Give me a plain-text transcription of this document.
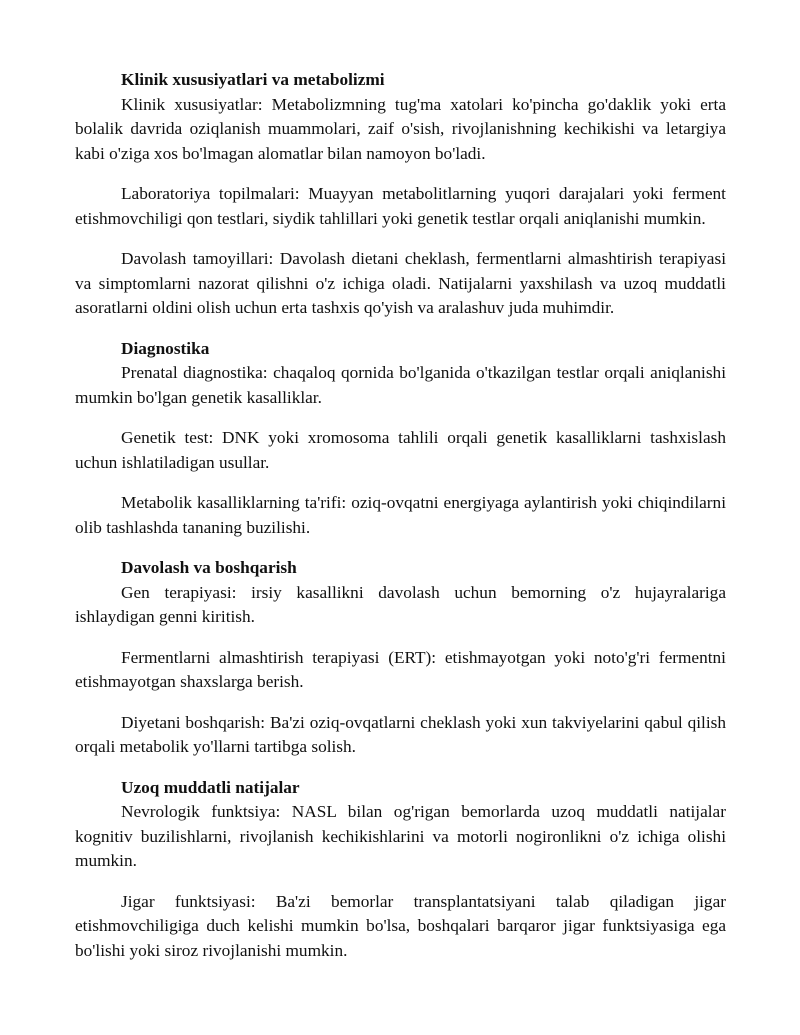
Klinik xususiyatlari va metabolizmi

Klinik xususiyatlar: Metabolizmning tug'ma xatolari ko'pincha go'daklik yoki erta bolalik davrida oziqlanish muammolari, zaif o'sish, rivojlanishning kechikishi va letargiya kabi o'ziga xos bo'lmagan alomatlar bilan namoyon bo'ladi.

Laboratoriya topilmalari: Muayyan metabolitlarning yuqori darajalari yoki ferment etishmovchiligi qon testlari, siydik tahlillari yoki genetik testlar orqali aniqlanishi mumkin.

Davolash tamoyillari: Davolash dietani cheklash, fermentlarni almashtirish terapiyasi va simptomlarni nazorat qilishni o'z ichiga oladi. Natijalarni yaxshilash va uzoq muddatli asoratlarni oldini olish uchun erta tashxis qo'yish va aralashuv juda muhimdir.

Diagnostika

Prenatal diagnostika: chaqaloq qornida bo'lganida o'tkazilgan testlar orqali aniqlanishi mumkin bo'lgan genetik kasalliklar.

Genetik test: DNK yoki xromosoma tahlili orqali genetik kasalliklarni tashxislash uchun ishlatiladigan usullar.

Metabolik kasalliklarning ta'rifi: oziq-ovqatni energiyaga aylantirish yoki chiqindilarni olib tashlashda tananing buzilishi.

Davolash va boshqarish

Gen terapiyasi: irsiy kasallikni davolash uchun bemorning o'z hujayralariga ishlaydigan genni kiritish.

Fermentlarni almashtirish terapiyasi (ERT): etishmayotgan yoki noto'g'ri fermentni etishmayotgan shaxslarga berish.

Diyetani boshqarish: Ba'zi oziq-ovqatlarni cheklash yoki xun takviyelarini qabul qilish orqali metabolik yo'llarni tartibga solish.

Uzoq muddatli natijalar

Nevrologik funktsiya: NASL bilan og'rigan bemorlarda uzoq muddatli natijalar kognitiv buzilishlarni, rivojlanish kechikishlarini va motorli nogironlikni o'z ichiga olishi mumkin.

Jigar funktsiyasi: Ba'zi bemorlar transplantatsiyani talab qiladigan jigar etishmovchiligiga duch kelishi mumkin bo'lsa, boshqalari barqaror jigar funktsiyasiga ega bo'lishi yoki siroz rivojlanishi mumkin.
